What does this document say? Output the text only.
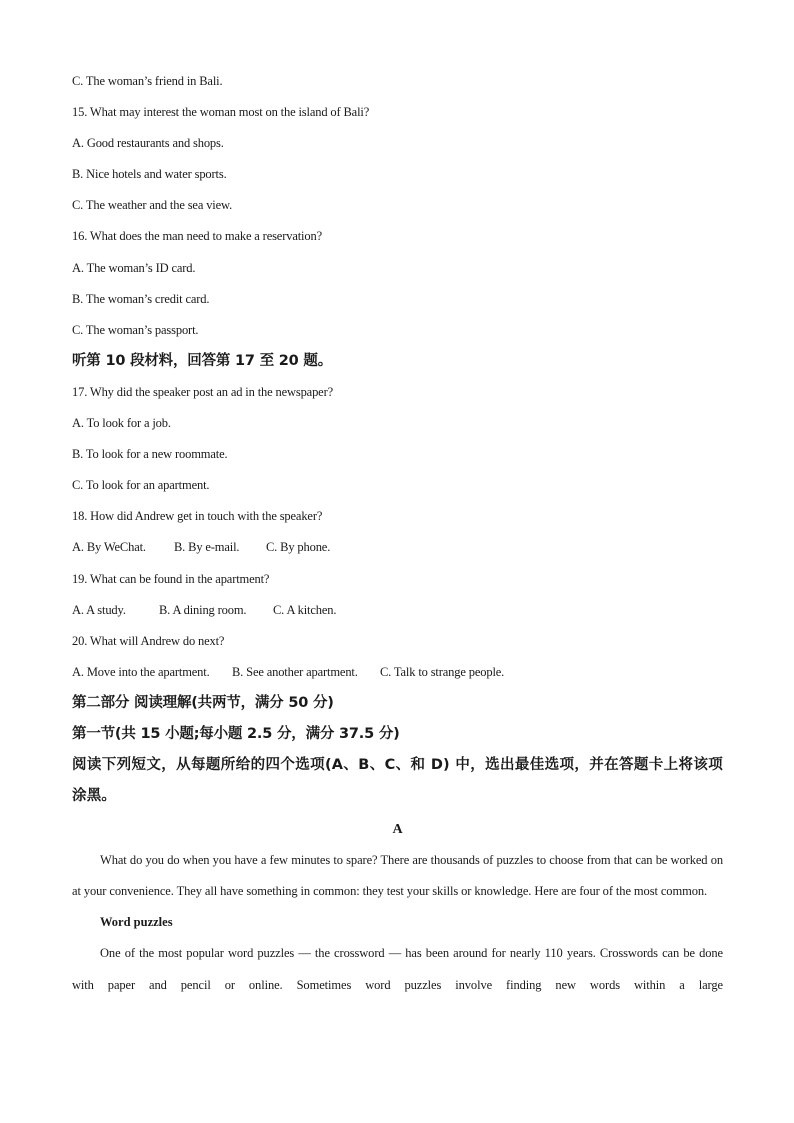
C. The woman’s friend in Bali.
15. What may interest the woman most on the island of Bali?
A. Good restaurants and shops.
B. Nice hotels and water sports.
C. The weather and the sea view.
16. What does the man need to make a reservation?
A. The woman’s ID card.
B. The woman’s credit card.
C. The woman’s passport.
听第 10 段材料，回答第 17 至 20 题。
17. Why did the speaker post an ad in the newspaper?
A. To look for a job.
B. To look for a new roommate.
C. To look for an apartment.
18. How did Andrew get in touch with the speaker?
A. By WeChat. B. By e-mail. C. By phone.
19. What can be found in the apartment?
A. A study.	B. A dining room. C. A kitchen.
20. What will Andrew do next?
A. Move into the apartment. B. See another apartment. C. Talk to strange people.
第二部分 阅读理解(共两节，满分 50 分)
第一节(共 15 小题;每小题 2.5 分，满分 37.5 分)
阅读下列短文，从每题所给的四个选项(A、B、C、和 D) 中，选出最佳选项，并在答题卡上将该项涂黑。
A
What do you do when you have a few minutes to spare? There are thousands of puzzles to choose from that can be worked on at your convenience. They all have something in common: they test your skills or knowledge. Here are four of the most common.
Word puzzles
One of the most popular word puzzles — the crossword — has been around for nearly 110 years. Crosswords can be done with paper and pencil or online. Sometimes word puzzles involve finding new words within a large
